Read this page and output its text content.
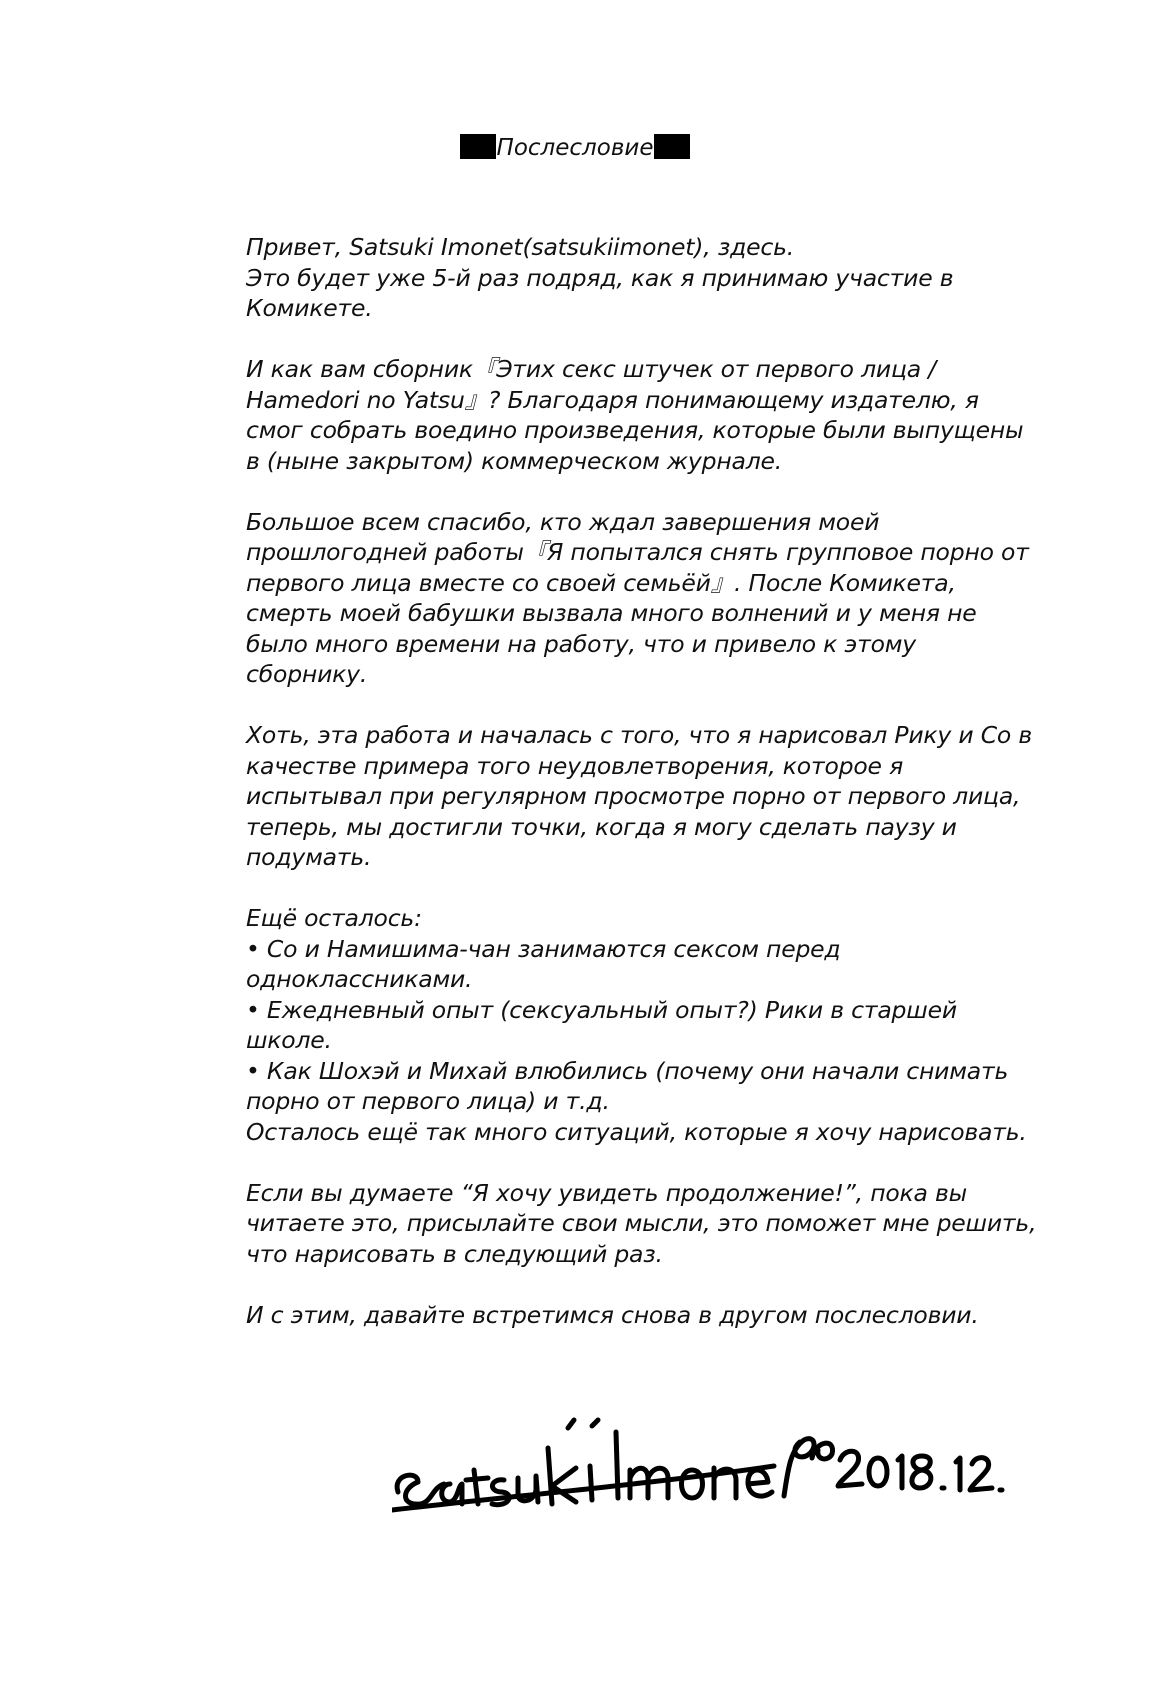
Послесловие
Привет, Satsuki Imonet(satsukiimonet), здесь.
Это будет уже 5-й раз подряд, как я принимаю участие в
Комикете.
И как вам сборник『Этих секс штучек от первого лица /
Hamedori no Yatsu』? Благодаря понимающему издателю, я
смог собрать воедино произведения, которые были выпущены
в (ныне закрытом) коммерческом журнале.
Большое всем спасибо, кто ждал завершения моей
прошлогодней работы『Я попытался снять групповое порно от
первого лица вместе со своей семьёй』. После Комикета,
смерть моей бабушки вызвала много волнений и у меня не
было много времени на работу, что и привело к этому
сборнику.
Хоть, эта работа и началась с того, что я нарисовал Рику и Со в
качестве примера того неудовлетворения, которое я
испытывал при регулярном просмотре порно от первого лица,
теперь, мы достигли точки, когда я могу сделать паузу и
подумать.
Ещё осталось:
• Со и Намишима-чан занимаются сексом перед
одноклассниками.
• Ежедневный опыт (сексуальный опыт?) Рики в старшей
школе.
• Как Шохэй и Михай влюбились (почему они начали снимать
порно от первого лица) и т.д.
Осталось ещё так много ситуаций, которые я хочу нарисовать.
Если вы думаете “Я хочу увидеть продолжение!”, пока вы
читаете это, присылайте свои мысли, это поможет мне решить,
что нарисовать в следующий раз.
И с этим, давайте встретимся снова в другом послесловии.
